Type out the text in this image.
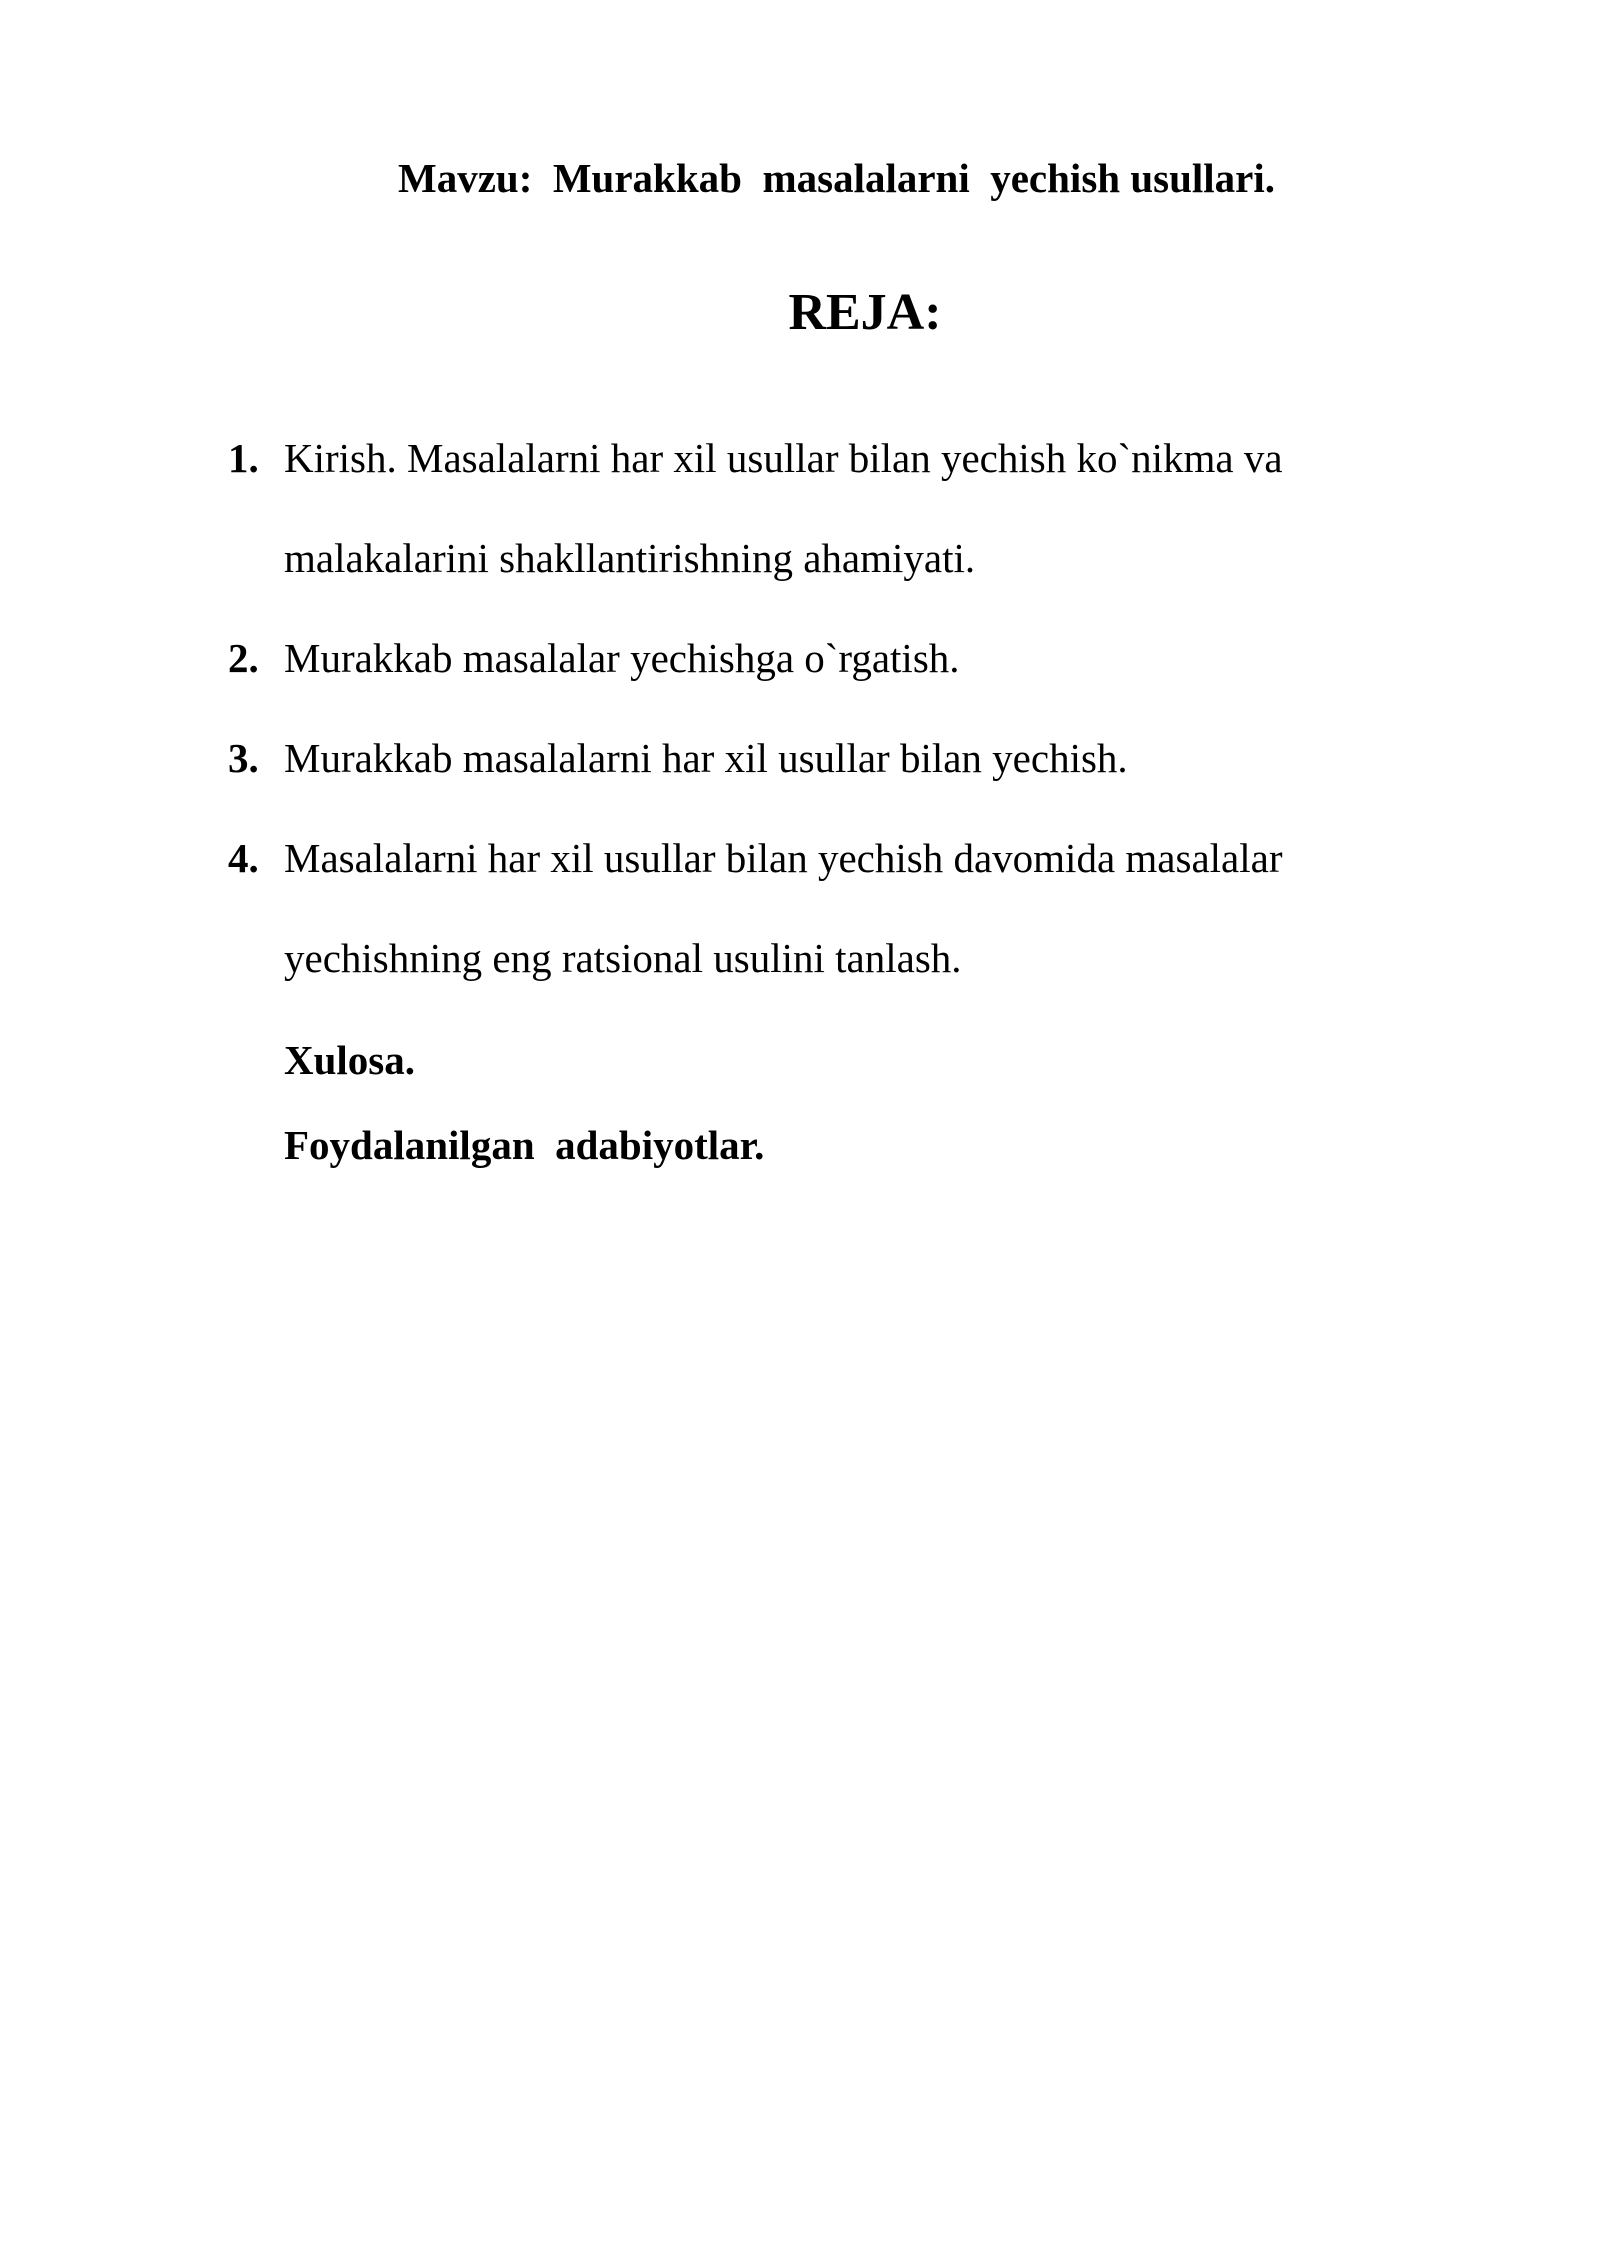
Mavzu:  Murakkab  masalalarni  yechish usullari.
REJA:
1. Kirish. Masalalarni har xil usullar bilan yechish ko`nikma va malakalarini shakllantirishning ahamiyati.
2. Murakkab masalalar yechishga o`rgatish.
3. Murakkab masalalarni har xil usullar bilan yechish.
4. Masalalarni har xil usullar bilan yechish davomida masalalar yechishning eng ratsional usulini tanlash.

Xulosa.

Foydalanilgan  adabiyotlar.
